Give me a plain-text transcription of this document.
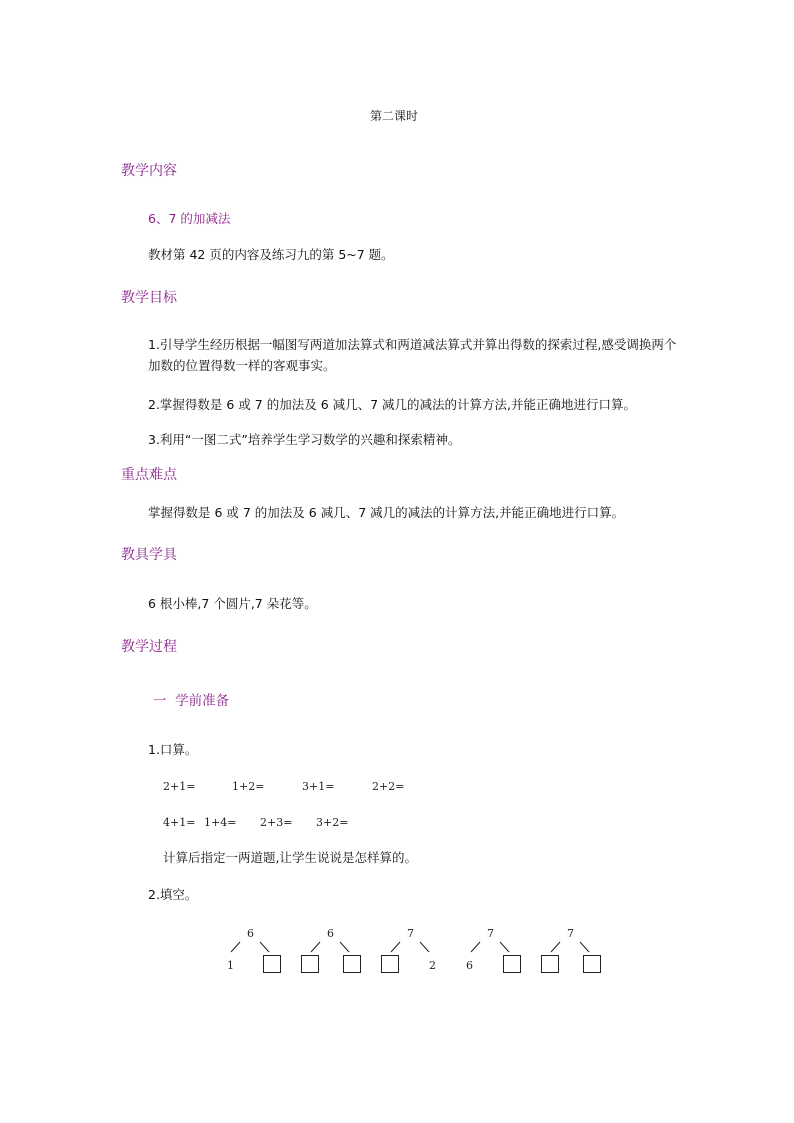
第二课时
教学内容
6、7 的加减法
教材第 42 页的内容及练习九的第 5~7 题。
教学目标
1.引导学生经历根据一幅图写两道加法算式和两道减法算式并算出得数的探索过程,感受调换两个加数的位置得数一样的客观事实。
2.掌握得数是 6 或 7 的加法及 6 减几、7 减几的减法的计算方法,并能正确地进行口算。
3.利用“一图二式”培养学生学习数学的兴趣和探索精神。
重点难点
掌握得数是 6 或 7 的加法及 6 减几、7 减几的减法的计算方法,并能正确地进行口算。
教具学具
6 根小棒,7 个圆片,7 朵花等。
教学过程
一  学前准备
1.口算。
2+1=	1+2=	3+1=	2+2=
4+1= 1+4= 2+3= 3+2=
计算后指定一两道题,让学生说说是怎样算的。
2.填空。
6
1
6	7
2
7
6
7
